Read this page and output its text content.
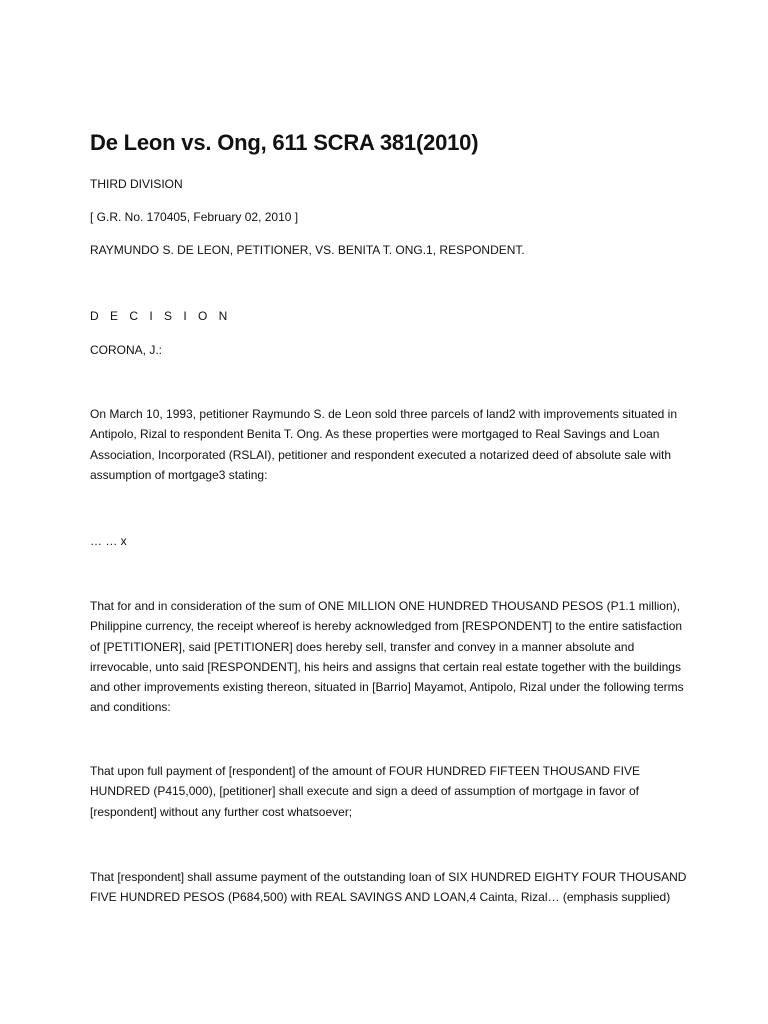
De Leon vs. Ong, 611 SCRA 381(2010)

THIRD DIVISION

[ G.R. No. 170405, February 02, 2010 ]

RAYMUNDO S. DE LEON, PETITIONER, VS. BENITA T. ONG.1, RESPONDENT.

D E C I S I O N

CORONA, J.:

On March 10, 1993, petitioner Raymundo S. de Leon sold three parcels of land2 with improvements situated in Antipolo, Rizal to respondent Benita T. Ong. As these properties were mortgaged to Real Savings and Loan Association, Incorporated (RSLAI), petitioner and respondent executed a notarized deed of absolute sale with assumption of mortgage3 stating:

… … x

That for and in consideration of the sum of ONE MILLION ONE HUNDRED THOUSAND PESOS (P1.1 million), Philippine currency, the receipt whereof is hereby acknowledged from [RESPONDENT] to the entire satisfaction of [PETITIONER], said [PETITIONER] does hereby sell, transfer and convey in a manner absolute and irrevocable, unto said [RESPONDENT], his heirs and assigns that certain real estate together with the buildings and other improvements existing thereon, situated in [Barrio] Mayamot, Antipolo, Rizal under the following terms and conditions:

That upon full payment of [respondent] of the amount of FOUR HUNDRED FIFTEEN THOUSAND FIVE HUNDRED (P415,000), [petitioner] shall execute and sign a deed of assumption of mortgage in favor of [respondent] without any further cost whatsoever;

That [respondent] shall assume payment of the outstanding loan of SIX HUNDRED EIGHTY FOUR THOUSAND FIVE HUNDRED PESOS (P684,500) with REAL SAVINGS AND LOAN,4 Cainta, Rizal… (emphasis supplied)
